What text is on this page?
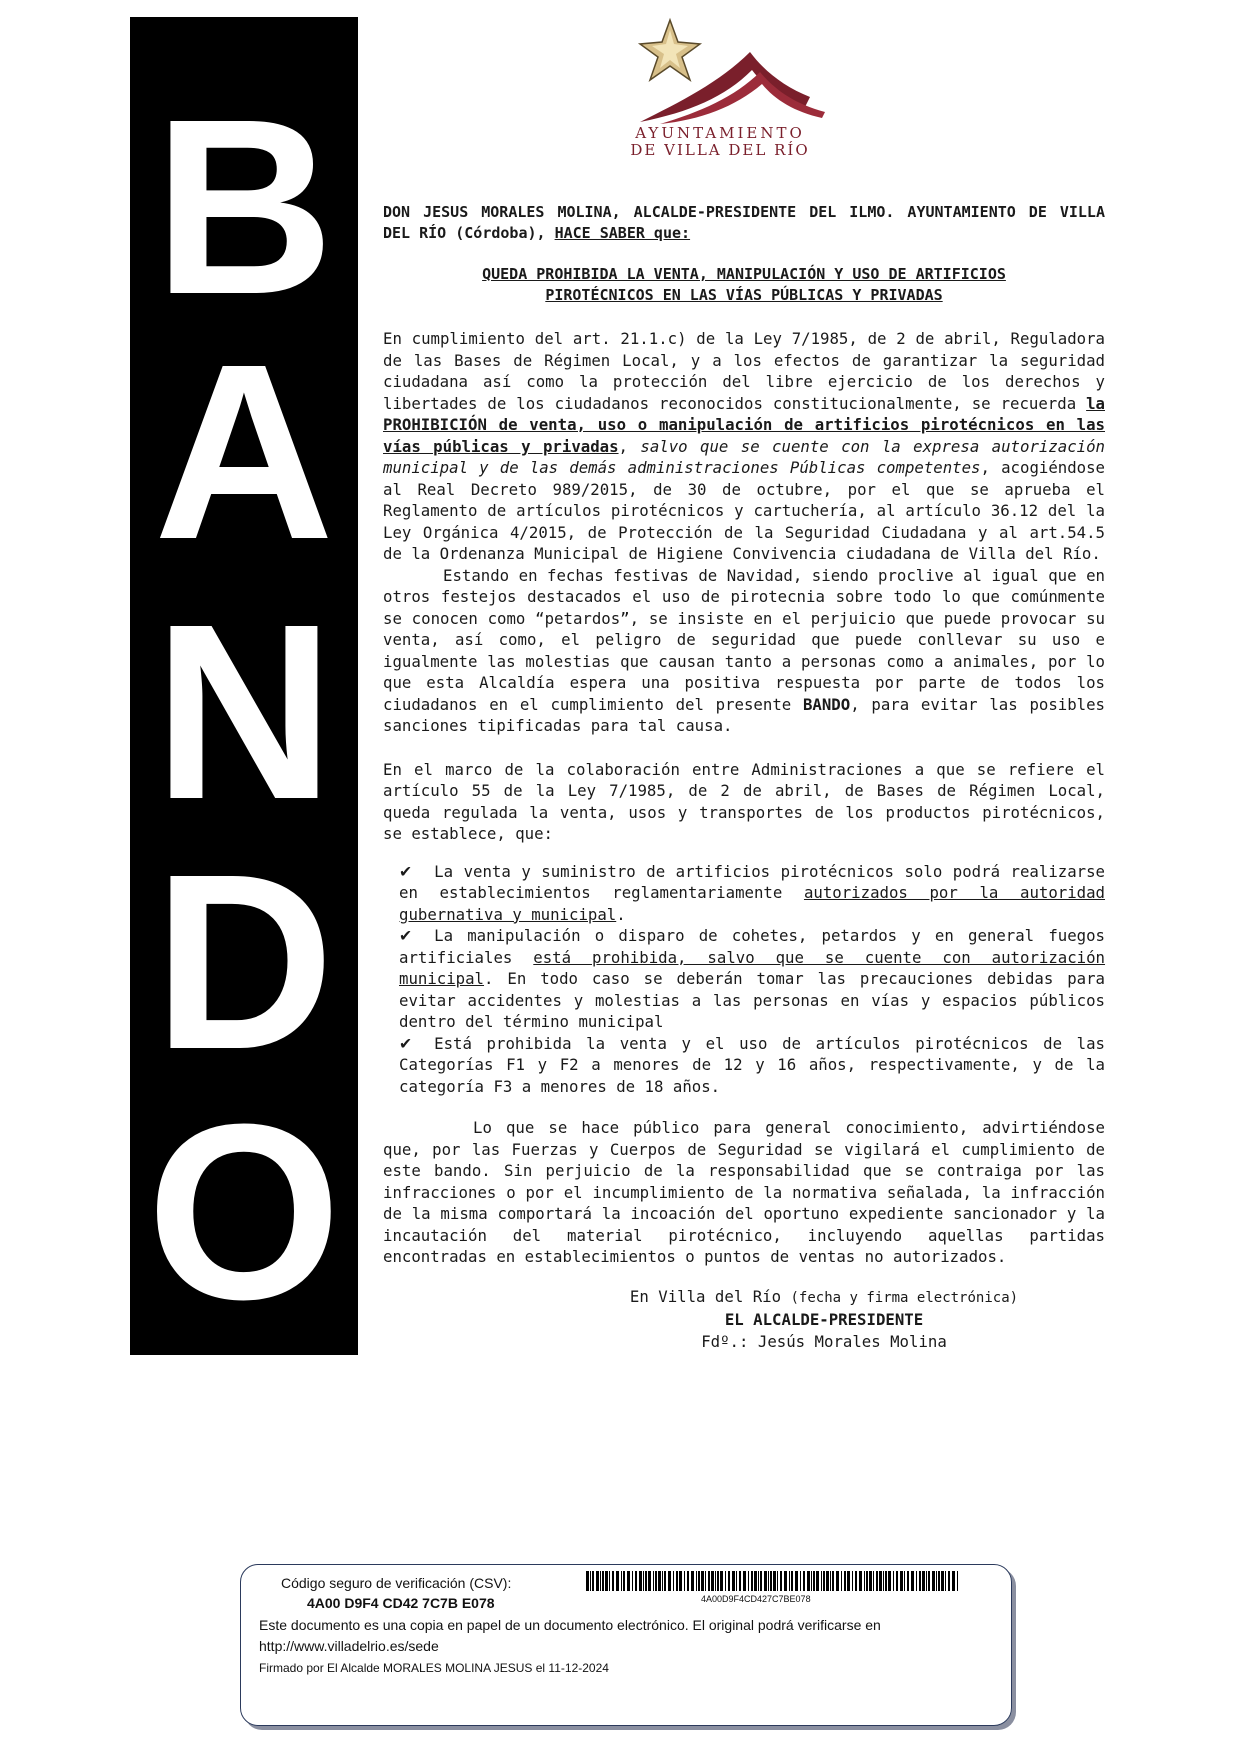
B
A
N
D
O
AYUNTAMIENTO
DE VILLA DEL RÍO
DON JESUS MORALES MOLINA, ALCALDE-PRESIDENTE DEL ILMO. AYUNTAMIENTO DE VILLA DEL RÍO (Córdoba), HACE SABER que:
QUEDA PROHIBIDA LA VENTA, MANIPULACIÓN Y USO DE ARTIFICIOS
PIROTÉCNICOS EN LAS VÍAS PÚBLICAS Y PRIVADAS

En cumplimiento del art. 21.1.c) de la Ley 7/1985, de 2 de abril, Reguladora de las Bases de Régimen Local, y a los efectos de garantizar la seguridad ciudadana así como la protección del libre ejercicio de los derechos y libertades de los ciudadanos reconocidos constitucionalmente, se recuerda la PROHIBICIÓN de venta, uso o manipulación de artificios pirotécnicos en las vías públicas y privadas, salvo que se cuente con la expresa autorización municipal y de las demás administraciones Públicas competentes, acogiéndose al Real Decreto 989/2015, de 30 de octubre, por el que se aprueba el Reglamento de artículos pirotécnicos y cartuchería, al artículo 36.12 del la Ley Orgánica 4/2015, de Protección de la Seguridad Ciudadana y al art.54.5 de la Ordenanza Municipal de Higiene Convivencia ciudadana de Villa del Río.

Estando en fechas festivas de Navidad, siendo proclive al igual que en otros festejos destacados el uso de pirotecnia sobre todo lo que comúnmente se conocen como “petardos”, se insiste en el perjuicio que puede provocar su venta, así como, el peligro de seguridad que puede conllevar su uso e igualmente las molestias que causan tanto a personas como a animales, por lo que esta Alcaldía espera una positiva respuesta por parte de todos los ciudadanos en el cumplimiento del presente BANDO, para evitar las posibles sanciones tipificadas para tal causa.

En el marco de la colaboración entre Administraciones a que se refiere el artículo 55 de la Ley 7/1985, de 2 de abril, de Bases de Régimen Local, queda regulada la venta, usos y transportes de los productos pirotécnicos, se establece, que:

✔ La venta y suministro de artificios pirotécnicos solo podrá realizarse en establecimientos reglamentariamente autorizados por la autoridad gubernativa y municipal.
✔ La manipulación o disparo de cohetes, petardos y en general fuegos artificiales está prohibida, salvo que se cuente con autorización municipal. En todo caso se deberán tomar las precauciones debidas para evitar accidentes y molestias a las personas en vías y espacios públicos dentro del término municipal
✔ Está prohibida la venta y el uso de artículos pirotécnicos de las Categorías F1 y F2 a menores de 12 y 16 años, respectivamente, y de la categoría F3 a menores de 18 años.

Lo que se hace público para general conocimiento, advirtiéndose que, por las Fuerzas y Cuerpos de Seguridad se vigilará el cumplimiento de este bando. Sin perjuicio de la responsabilidad que se contraiga por las infracciones o por el incumplimiento de la normativa señalada, la infracción de la misma comportará la incoación del oportuno expediente sancionador y la incautación del material pirotécnico, incluyendo aquellas partidas encontradas en establecimientos o puntos de ventas no autorizados.

En Villa del Río (fecha y firma electrónica)
EL ALCALDE-PRESIDENTE
Fdº.: Jesús Morales Molina
Código seguro de verificación (CSV):
4A00 D9F4 CD42 7C7B E078	4A00D9F4CD427C7BE078
Este documento es una copia en papel de un documento electrónico. El original podrá verificarse en
http://www.villadelrio.es/sede
Firmado por El Alcalde MORALES MOLINA JESUS el 11-12-2024
